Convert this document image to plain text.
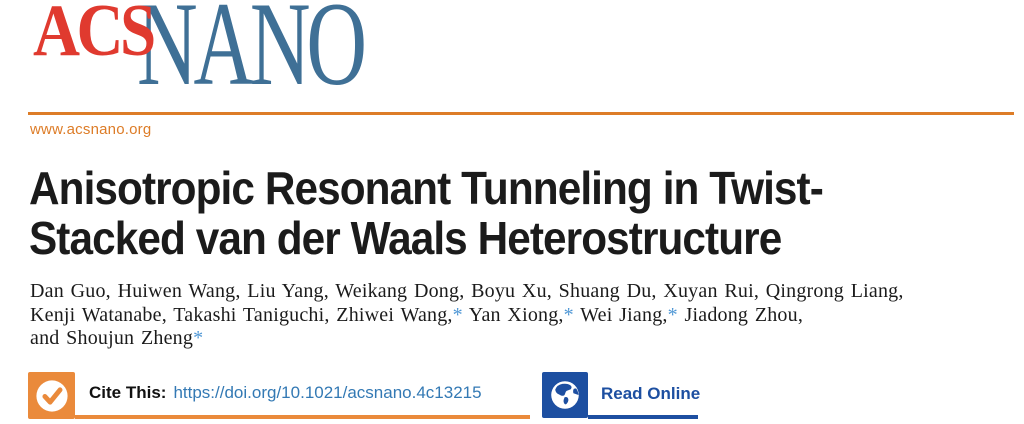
ACS
NANO
www.acsnano.org
Anisotropic Resonant Tunneling in Twist-
Stacked van der Waals Heterostructure

Dan Guo, Huiwen Wang, Liu Yang, Weikang Dong, Boyu Xu, Shuang Du, Xuyan Rui, Qingrong Liang,
Kenji Watanabe, Takashi Taniguchi, Zhiwei Wang,* Yan Xiong,* Wei Jiang,* Jiadong Zhou,
and Shoujun Zheng*

Cite This: https://doi.org/10.1021/acsnano.4c13215	Read Online
